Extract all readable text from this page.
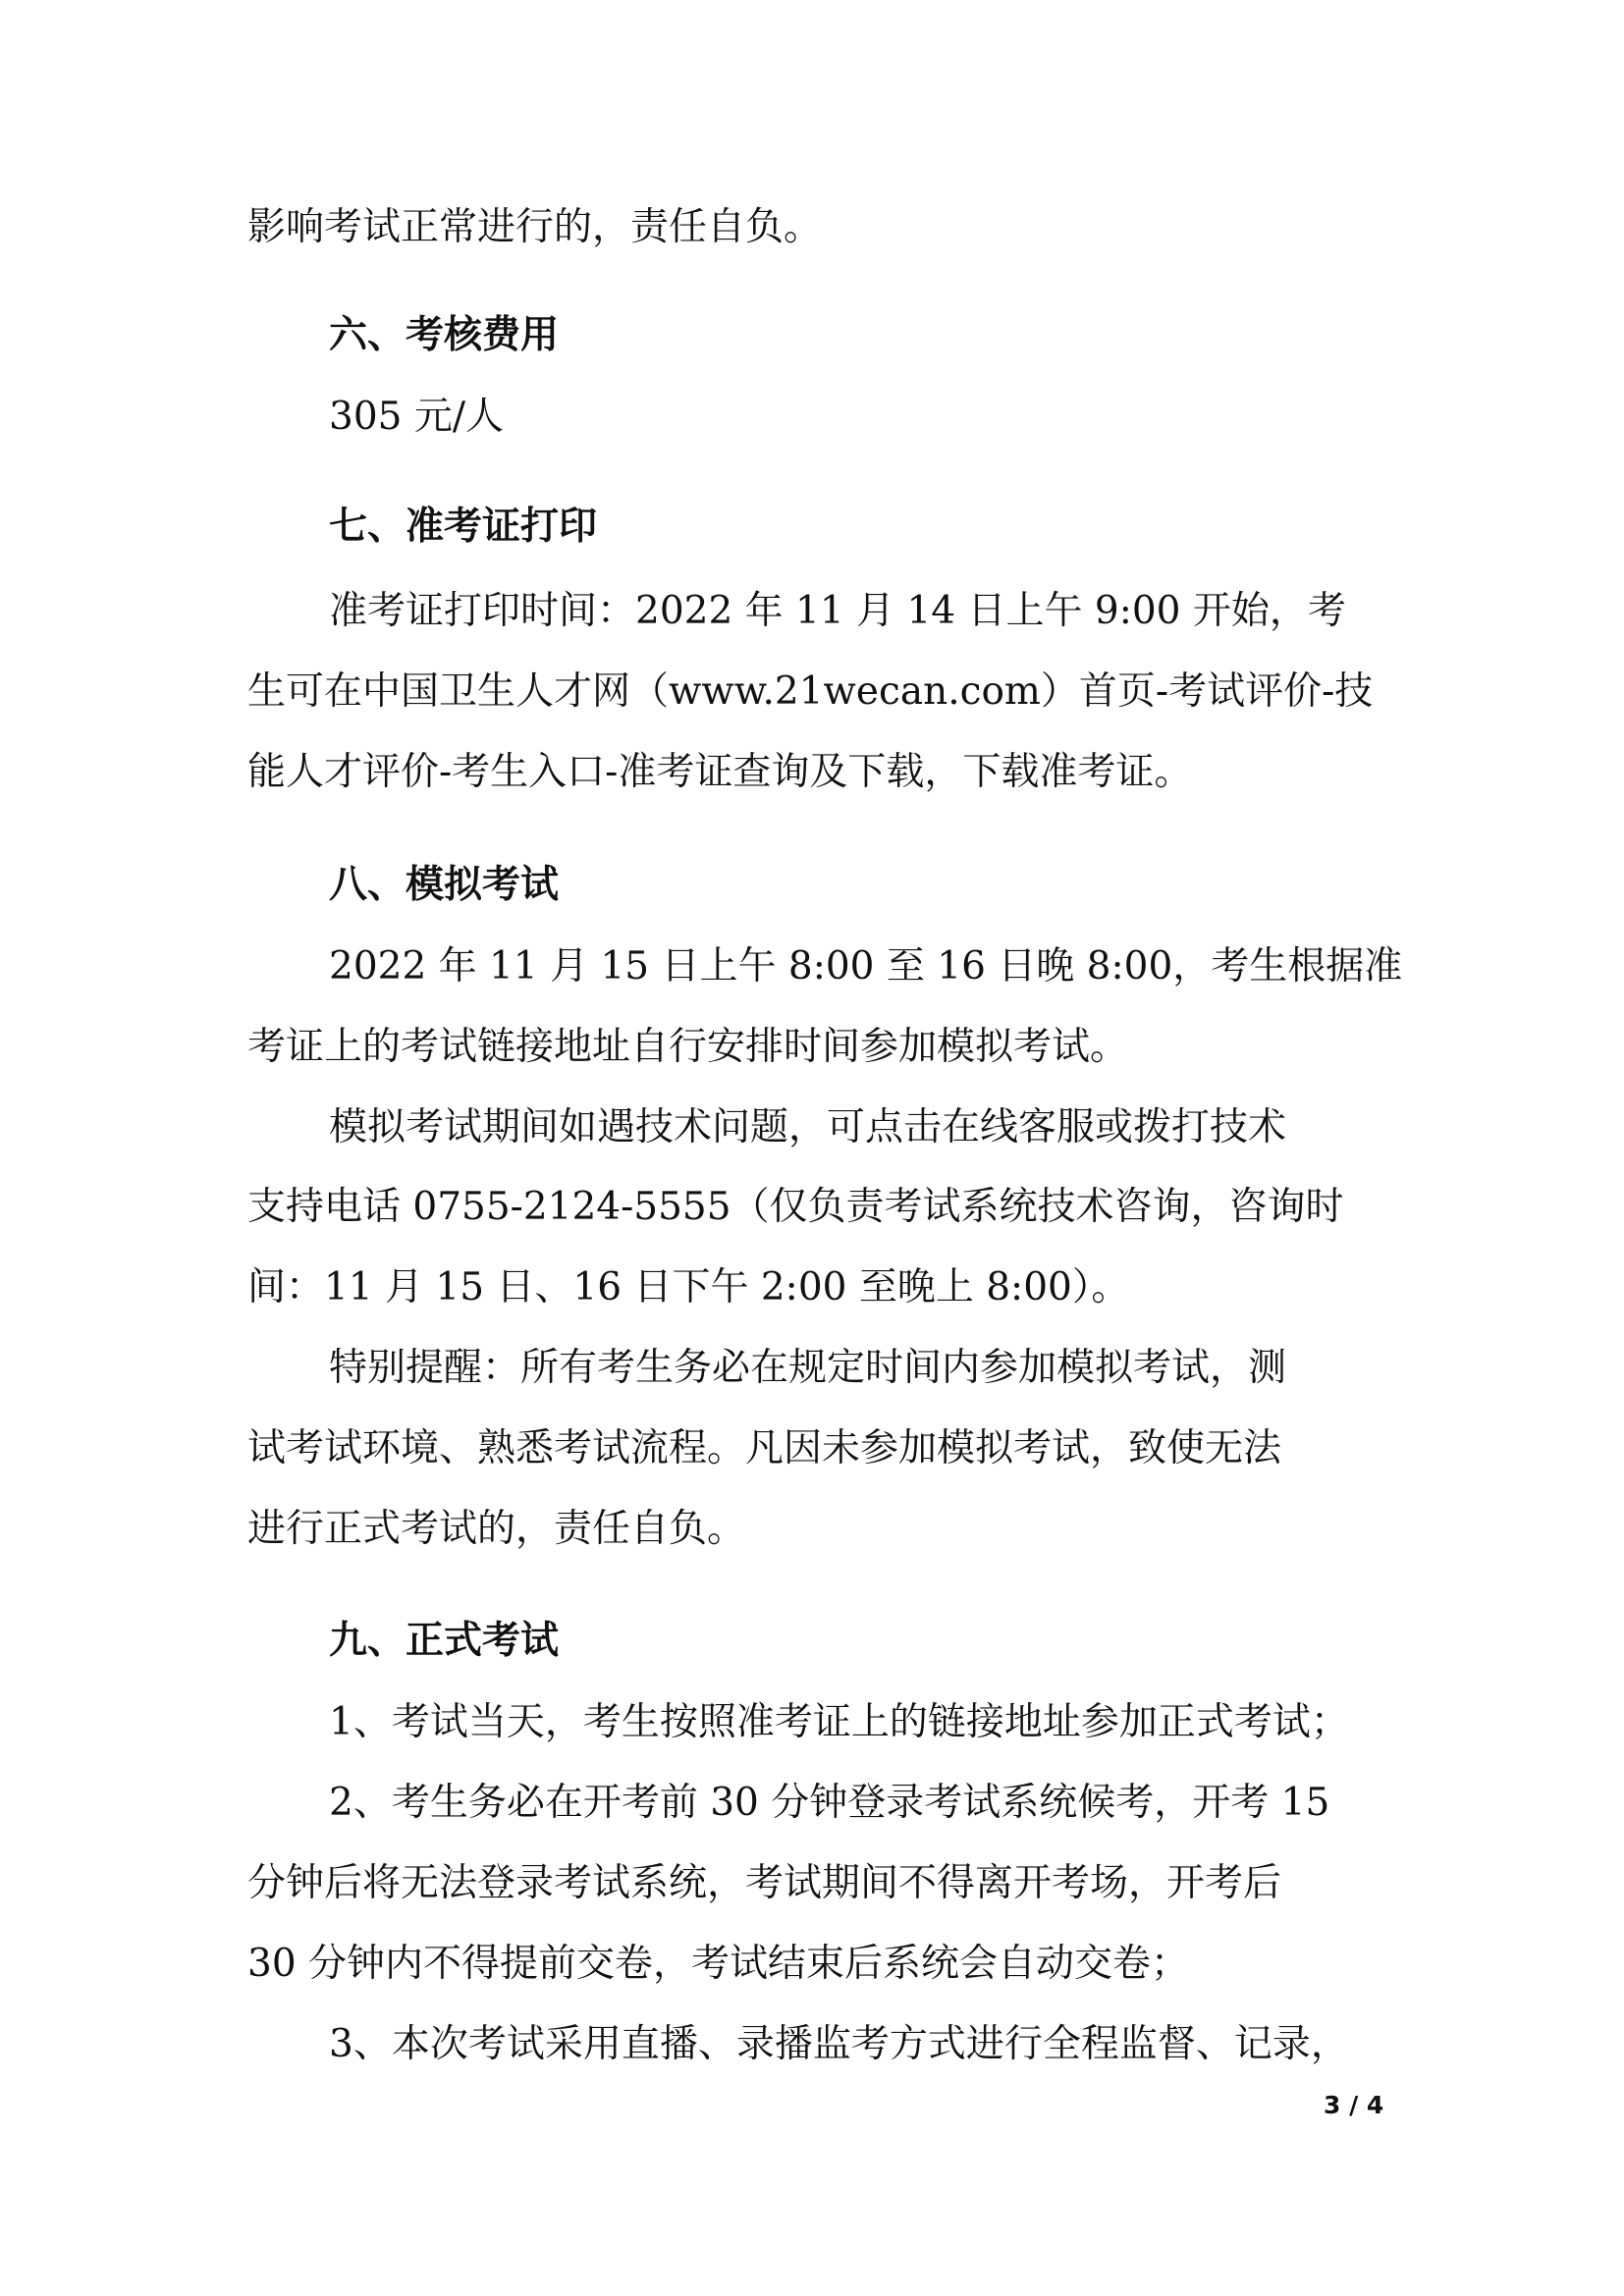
影响考试正常进行的，责任自负。

六、考核费用

305 元/人

七、准考证打印

准考证打印时间：2022 年 11 月 14 日上午 9:00 开始，考

生可在中国卫生人才网（www.21wecan.com）首页-考试评价-技

能人才评价-考生入口-准考证查询及下载，下载准考证。

八、模拟考试

2022 年 11 月 15 日上午 8:00 至 16 日晚 8:00，考生根据准

考证上的考试链接地址自行安排时间参加模拟考试。

模拟考试期间如遇技术问题，可点击在线客服或拨打技术

支持电话 0755-2124-5555（仅负责考试系统技术咨询，咨询时

间：11 月 15 日、16 日下午 2:00 至晚上 8:00）。

特别提醒：所有考生务必在规定时间内参加模拟考试，测

试考试环境、熟悉考试流程。凡因未参加模拟考试，致使无法

进行正式考试的，责任自负。

九、正式考试

1、考试当天，考生按照准考证上的链接地址参加正式考试；

2、考生务必在开考前 30 分钟登录考试系统候考，开考 15

分钟后将无法登录考试系统，考试期间不得离开考场，开考后

30 分钟内不得提前交卷，考试结束后系统会自动交卷；

3、本次考试采用直播、录播监考方式进行全程监督、记录，

3 / 4
